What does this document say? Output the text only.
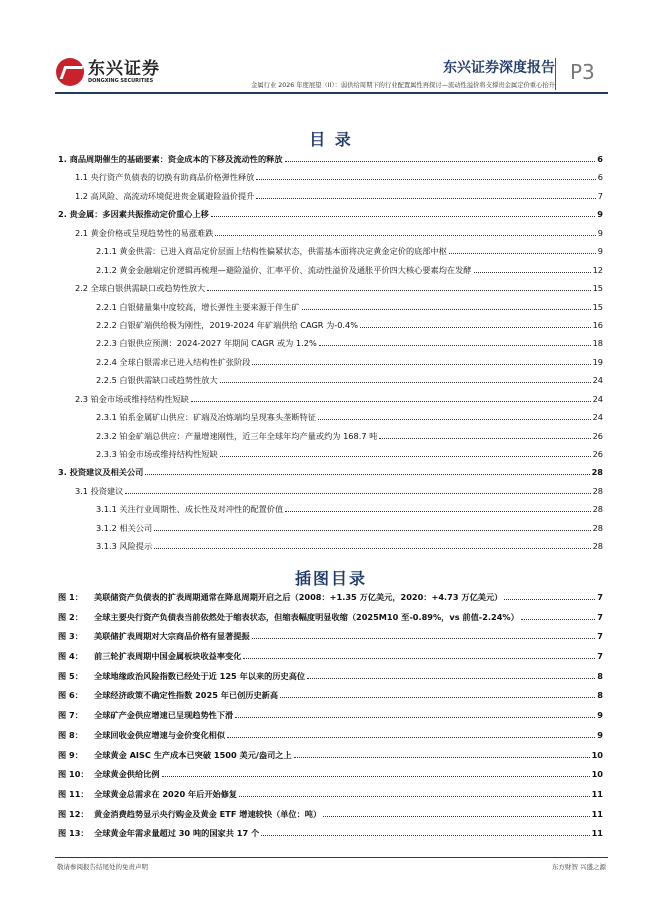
东兴证券
DONGXING SECURITIES
东兴证券深度报告
金属行业 2026 年度展望（II）：弱供给周期下的行业配置属性再探讨—流动性溢价将支撑贵金属定价重心抬升
P3
目 录
1. 商品周期催生的基础要素：资金成本的下移及流动性的释放	6
1.1 央行资产负债表的切换有助商品价格弹性释放	6
1.2 高风险、高流动环境促进贵金属避险溢价提升	7
2. 贵金属：多因素共振推动定价重心上移	9
2.1 黄金价格或呈现趋势性的易涨难跌	9
2.1.1 黄金供需：已进入商品定价层面上结构性偏紧状态，供需基本面将决定黄金定价的底部中枢	9
2.1.2 黄金金融端定价逻辑再梳理—避险溢价、汇率平价、流动性溢价及通胀平价四大核心要素均在发酵	12
2.2 全球白银供需缺口或趋势性放大	15
2.2.1 白银储量集中度较高，增长弹性主要来源于伴生矿	15
2.2.2 白银矿端供给极为刚性，2019-2024 年矿端供给 CAGR 为-0.4%	16
2.2.3 白银供应预测：2024-2027 年期间 CAGR 或为 1.2%	18
2.2.4 全球白银需求已进入结构性扩张阶段	19
2.2.5 白银供需缺口或趋势性放大	24
2.3 铂金市场或维持结构性短缺	24
2.3.1 铂系金属矿山供应：矿端及冶炼端均呈现寡头垄断特征	24
2.3.2 铂金矿端总供应：产量增速刚性，近三年全球年均产量或约为 168.7 吨	26
2.3.3 铂金市场或维持结构性短缺	26
3. 投资建议及相关公司	28
3.1 投资建议	28
3.1.1 关注行业周期性、成长性及对冲性的配置价值	28
3.1.2 相关公司	28
3.1.3 风险提示	28
插图目录
图 1： 美联储资产负债表的扩表周期通常在降息周期开启之后（2008：+1.35 万亿美元，2020：+4.73 万亿美元）	7
图 2： 全球主要央行资产负债表当前依然处于缩表状态，但缩表幅度明显收缩（2025M10 至-0.89%，vs 前值-2.24%）	7
图 3： 美联储扩表周期对大宗商品价格有显著提振	7
图 4： 前三轮扩表周期中国金属板块收益率变化	7
图 5： 全球地缘政治风险指数已经处于近 125 年以来的历史高位	8
图 6： 全球经济政策不确定性指数 2025 年已创历史新高	8
图 7： 全球矿产金供应增速已呈现趋势性下滑	9
图 8： 全球回收金供应增速与金价变化相似	9
图 9： 全球黄金 AISC 生产成本已突破 1500 美元/盎司之上	10
图 10： 全球黄金供给比例	10
图 11： 全球黄金总需求在 2020 年后开始修复	11
图 12： 黄金消费趋势显示央行购金及黄金 ETF 增速较快（单位：吨）	11
图 13： 全球黄金年需求量超过 30 吨的国家共 17 个	11
敬请参阅报告结尾处的免责声明	东方财智 兴盛之源
